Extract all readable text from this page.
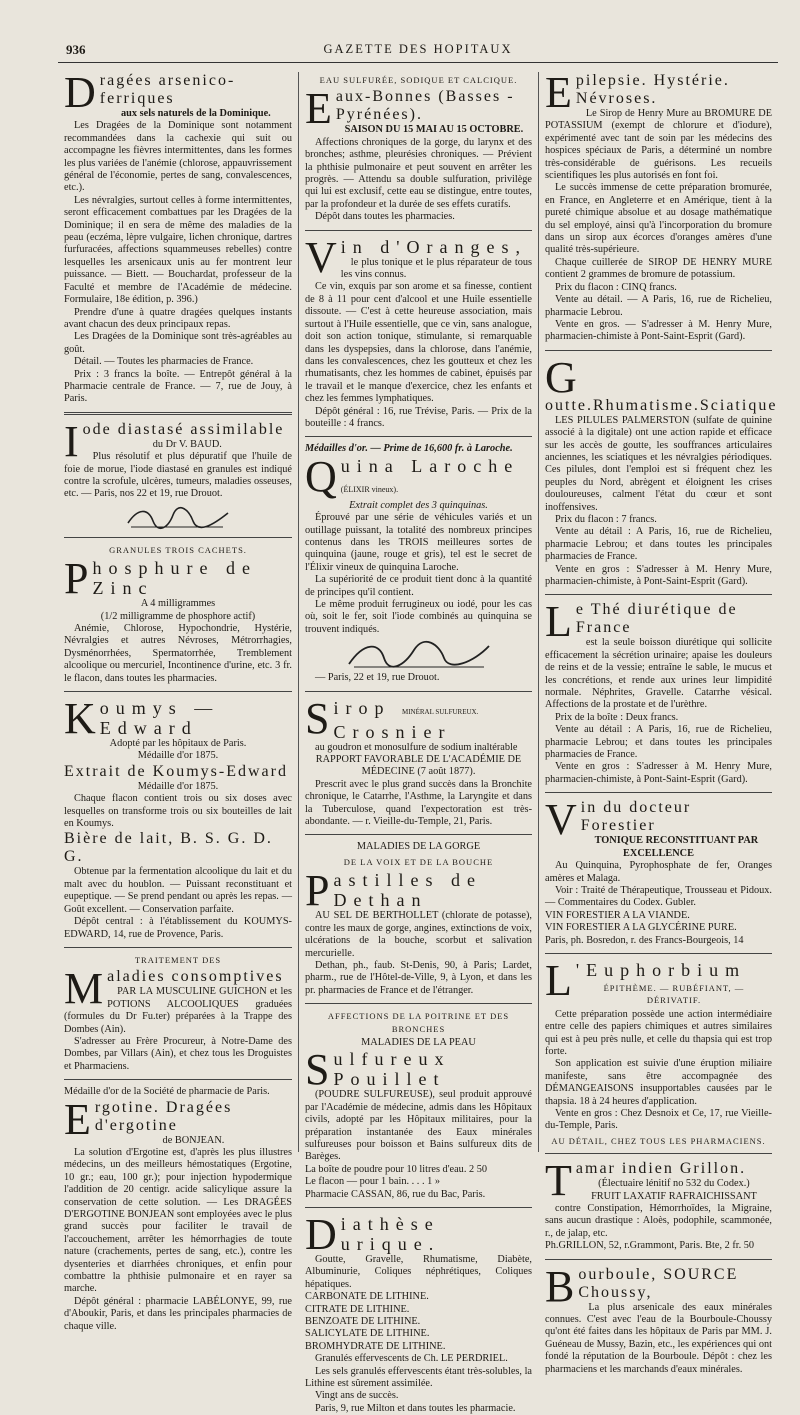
936	GAZETTE DES HOPITAUX
D ragées arsenico-ferriques
aux sels naturels de la Dominique.

Les Dragées de la Dominique sont notamment recommandées dans la cachexie qui suit ou accompagne les fièvres intermittentes, dans les formes les plus variées de l'anémie (chlorose, appauvrissement général de l'économie, pertes de sang, convalescences, etc.).

Les névralgies, surtout celles à forme intermittentes, seront efficacement combattues par les Dragées de la Dominique; il en sera de même des maladies de la peau (eczéma, lèpre vulgaire, lichen chronique, dartres furfuracées, affections squammeuses rebelles) contre lesquelles les arsenicaux unis au fer montrent leur puissance. — Biett. — Bouchardat, professeur de la Faculté et membre de l'Académie de médecine. Formulaire, 18e édition, p. 396.)

Prendre d'une à quatre dragées quelques instants avant chacun des deux principaux repas.

Les Dragées de la Dominique sont très-agréables au goût.

Détail. — Toutes les pharmacies de France.

Prix : 3 francs la boîte. — Entrepôt général à la Pharmacie centrale de France. — 7, rue de Jouy, à Paris.

I ode diastasé assimilable
du Dr V. BAUD.

Plus résolutif et plus dépuratif que l'huile de foie de morue, l'iode diastasé en granules est indiqué contre la scrofule, ulcères, tumeurs, maladies osseuses, etc. — Paris, nos 22 et 19, rue Drouot.

GRANULES TROIS CACHETS.
P hosphure de Zinc
A 4 milligrammes
(1/2 milligramme de phosphore actif)

Anémie, Chlorose, Hypochondrie, Hystérie, Névralgies et autres Névroses, Métrorrhagies, Dysménorrhées, Spermatorrhée, Tremblement alcoolique ou mercuriel, Incontinence d'urine, etc. 3 fr. le flacon, dans toutes les pharmacies.

K oumys — Edward
Adopté par les hôpitaux de Paris.
Médaille d'or 1875.
Extrait de Koumys-Edward
Médaille d'or 1875.

Chaque flacon contient trois ou six doses avec lesquelles on transforme trois ou six bouteilles de lait en Koumys.

Bière de lait, B. S. G. D. G.

Obtenue par la fermentation alcoolique du lait et du malt avec du houblon. — Puissant reconstituant et eupeptique. — Se prend pendant ou après les repas. — Goût excellent. — Conservation parfaite.

Dépôt central : à l'établissement du KOUMYS-EDWARD, 14, rue de Provence, Paris.

TRAITEMENT DES
M aladies consomptives

PAR LA MUSCULINE GUICHON et les POTIONS ALCOOLIQUES graduées (formules du Dr Fu.ter) préparées à la Trappe des Dombes (Ain).

S'adresser au Frère Procureur, à Notre-Dame des Dombes, par Villars (Ain), et chez tous les Droguistes et Pharmaciens.

Médaille d'or de la Société de pharmacie de Paris.
E rgotine. Dragées d'ergotine
de BONJEAN.

La solution d'Ergotine est, d'après les plus illustres médecins, un des meilleurs hémostatiques (Ergotine, 10 gr.; eau, 100 gr.); pour injection hypodermique l'addition de 20 centigr. acide salicylique assure la conservation de cette solution. — Les DRAGÉES D'ERGOTINE BONJEAN sont employées avec le plus grand succès pour faciliter le travail de l'accouchement, arrêter les hémorrhagies de toute nature (crachements, pertes de sang, etc.), contre les dysenteries et diarrhées chroniques, et enfin pour combattre la phthisie pulmonaire et en rayer sa marche.

Dépôt général : pharmacie LABÉLONYE, 99, rue d'Aboukir, Paris, et dans les principales pharmacies de chaque ville.

EAU SULFURÉE, SODIQUE ET CALCIQUE.
E aux-Bonnes (Basses - Pyrénées).
SAISON DU 15 MAI AU 15 OCTOBRE.

Affections chroniques de la gorge, du larynx et des bronches; asthme, pleurésies chroniques. — Prévient la phthisie pulmonaire et peut souvent en arrêter les progrès. — Attendu sa double sulfuration, privilège qui lui est exclusif, cette eau se distingue, entre toutes, par la profondeur et la durée de ses effets curatifs.

Dépôt dans toutes les pharmacies.

V in d'Oranges,

le plus tonique et le plus réparateur de tous les vins connus.

Ce vin, exquis par son arome et sa finesse, contient de 8 à 11 pour cent d'alcool et une Huile essentielle dissoute. — C'est à cette heureuse association, mais surtout à l'Huile essentielle, que ce vin, sans analogue, doit son action tonique, stimulante, si remarquable dans les dyspepsies, dans la chlorose, dans l'anémie, dans les convalescences, chez les goutteux et chez les rhumatisants, chez les hommes de cabinet, épuisés par le travail et le manque d'exercice, chez les enfants et chez les femmes lymphatiques.

Dépôt général : 16, rue Trévise, Paris. — Prix de la bouteille : 4 francs.

Médailles d'or. — Prime de 16,600 fr. à Laroche.
Q uina Laroche (ÉLIXIR vineux).
Extrait complet des 3 quinquinas.

Éprouvé par une série de véhicules variés et un outillage puissant, la totalité des nombreux principes contenus dans les TROIS meilleures sortes de quinquina (jaune, rouge et gris), tel est le secret de l'Élixir vineux de quinquina Laroche.

La supériorité de ce produit tient donc à la quantité de principes qu'il contient.

Le même produit ferrugineux ou iodé, pour les cas où, soit le fer, soit l'iode combinés au quinquina se trouvent indiqués.

— Paris, 22 et 19, rue Drouot.

S irop MINÉRAL SULFUREUX. Crosnier

au goudron et monosulfure de sodium inaltérable

RAPPORT FAVORABLE DE L'ACADÉMIE DE MÉDECINE (7 août 1877).

Prescrit avec le plus grand succès dans la Bronchite chronique, le Catarrhe, l'Asthme, la Laryngite et dans la Tuberculose, quand l'expectoration est très-abondante. — r. Vieille-du-Temple, 21, Paris.

MALADIES DE LA GORGE
DE LA VOIX ET DE LA BOUCHE
P astilles de Dethan

AU SEL DE BERTHOLLET (chlorate de potasse), contre les maux de gorge, angines, extinctions de voix, ulcérations de la bouche, scorbut et salivation mercurielle.

Dethan, ph., faub. St-Denis, 90, à Paris; Lardet, pharm., rue de l'Hôtel-de-Ville, 9, à Lyon, et dans les pr. pharmacies de France et de l'étranger.

AFFECTIONS DE LA POITRINE ET DES BRONCHES
MALADIES DE LA PEAU
S ulfureux Pouillet

(POUDRE SULFUREUSE), seul produit approuvé par l'Académie de médecine, admis dans les Hôpitaux civils, adopté par les Hôpitaux militaires, pour la préparation instantanée des Eaux minérales sulfureuses pour boisson et Bains sulfureux dits de Barèges.

La boîte de poudre pour 10 litres d'eau. 2 50
Le flacon — pour 1 bain. . . . 1 »
Pharmacie CASSAN, 86, rue du Bac, Paris.
D iathèse urique.

Goutte, Gravelle, Rhumatisme, Diabète, Albuminurie, Coliques néphrétiques, Coliques hépatiques.

CARBONATE DE LITHINE.
CITRATE DE LITHINE.
BENZOATE DE LITHINE.
SALICYLATE DE LITHINE.
BROMHYDRATE DE LITHINE.

Granulés effervescents de Ch. LE PERDRIEL.

Les sels granulés effervescents étant très-solubles, la Lithine est sûrement assimilée.

Vingt ans de succès.

Paris, 9, rue Milton et dans toutes les pharmacie.

E pilepsie. Hystérie. Névroses.

Le Sirop de Henry Mure au BROMURE DE POTASSIUM (exempt de chlorure et d'iodure), expérimenté avec tant de soin par les médecins des hospices spéciaux de Paris, a déterminé un nombre très-considérable de guérisons. Les recueils scientifiques les plus autorisés en font foi.

Le succès immense de cette préparation bromurée, en France, en Angleterre et en Amérique, tient à la pureté chimique absolue et au dosage mathématique du sel employé, ainsi qu'à l'incorporation du bromure dans un sirop aux écorces d'oranges amères d'une qualité très-supérieure.

Chaque cuillerée de SIROP DE HENRY MURE contient 2 grammes de bromure de potassium.

Prix du flacon : CINQ francs.

Vente au détail. — A Paris, 16, rue de Richelieu, pharmacie Lebrou.

Vente en gros. — S'adresser à M. Henry Mure, pharmacien-chimiste à Pont-Saint-Esprit (Gard).

G
outte.Rhumatisme.Sciatique

LES PILULES PALMERSTON (sulfate de quinine associé à la digitale) ont une action rapide et efficace sur les accès de goutte, les souffrances articulaires anciennes, les sciatiques et les névralgies périodiques. Ces pilules, dont l'emploi est si fréquent chez les peuples du Nord, abrègent et éloignent les crises douloureuses, calment l'état du cœur et sont inoffensives.

Prix du flacon : 7 francs.

Vente au détail : A Paris, 16, rue de Richelieu, pharmacie Lebrou; et dans toutes les principales pharmacies de France.

Vente en gros : S'adresser à M. Henry Mure, pharmacien-chimiste, à Pont-Saint-Esprit (Gard).

L e Thé diurétique de France

est la seule boisson diurétique qui sollicite efficacement la sécrétion urinaire; apaise les douleurs de reins et de la vessie; entraîne le sable, le mucus et les concrétions, et rende aux urines leur limpidité normale. Néphrites, Gravelle. Catarrhe vésical. Affections de la prostate et de l'urèthre.

Prix de la boîte : Deux francs.

Vente au détail : A Paris, 16, rue de Richelieu, pharmacie Lebrou; et dans toutes les principales pharmacies de France.

Vente en gros : S'adresser à M. Henry Mure, pharmacien-chimiste, à Pont-Saint-Esprit (Gard).

V in du docteur Forestier
TONIQUE RECONSTITUANT PAR EXCELLENCE

Au Quinquina, Pyrophosphate de fer, Oranges amères et Malaga.

Voir : Traité de Thérapeutique, Trousseau et Pidoux. — Commentaires du Codex. Gubler.

VIN FORESTIER A LA VIANDE.
VIN FORESTIER A LA GLYCÉRINE PURE.
Paris, ph. Bosredon, r. des Francs-Bourgeois, 14
L 'Euphorbium
ÉPITHÈME. — RUBÉFIANT, — DÉRIVATIF.

Cette préparation possède une action intermédiaire entre celle des papiers chimiques et autres similaires qui est à peu près nulle, et celle du thapsia qui est trop forte.

Son application est suivie d'une éruption miliaire manifeste, sans être accompagnée des DÉMANGEAISONS insupportables causées par le thapsia. 18 à 24 heures d'application.

Vente en gros : Chez Desnoix et Ce, 17, rue Vieille-du-Temple, Paris.

AU DÉTAIL, CHEZ TOUS LES PHARMACIENS.
T amar indien Grillon.
(Électuaire lénitif no 532 du Codex.)
FRUIT LAXATIF RAFRAICHISSANT

contre Constipation, Hémorrhoïdes, la Migraine, sans aucun drastique : Aloès, podophile, scammonée, r., de jalap, etc.

Ph.GRILLON, 52, r.Grammont, Paris. Bte, 2 fr. 50
B ourboule, SOURCE Choussy,

La plus arsenicale des eaux minérales connues. C'est avec l'eau de la Bourboule-Choussy qu'ont été faites dans les hôpitaux de Paris par MM. J. Guéneau de Mussy, Bazin, etc., les expériences qui ont fondé la réputation de la Bourboule. Dépôt : chez les pharmaciens et les marchands d'eaux minérales.
